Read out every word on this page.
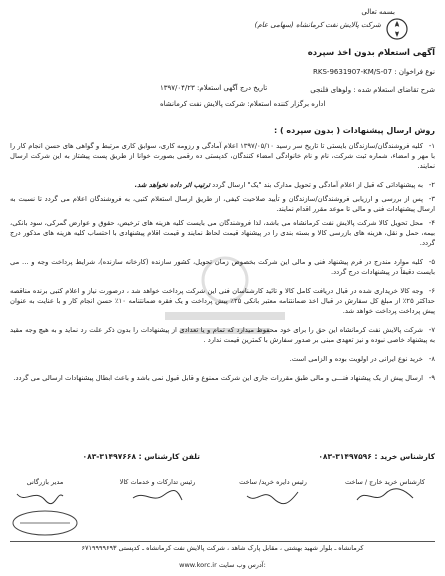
بسمه تعالی
شرکت پالایش نفت کرمانشاه (سهامی عام)
آگهی استعلام بدون اخذ سپرده
نوع فراخوان : RKS-9631907-KM/S-07
تاریخ درج آگهی استعلام: ۱۳۹۷/۰۴/۲۳	شرح تقاضای استعلام شده : ولوهای فلنجی
اداره برگزار کننده استعلام: شرکت پالایش نفت کرمانشاه
روش ارسال پیشنهادات ( بدون سپرده ) :
۱-کلیه فروشندگان/سازندگان بایستی تا تاریخ سر رسید ۱۳۹۷/۰۵/۱۰ اعلام آمادگی و رزومه کاری، سوابق کاری مرتبط و گواهی های حسن انجام کار را با مهر و امضاء، شماره ثبت شرکت، نام و نام خانوادگی امضاء کنندگان، کدپستی ده رقمی بصورت خوانا از طریق پست پیشتاز به این شرکت ارسال نمایند.
۲-به پیشنهاداتی که قبل از اعلام آمادگی و تحویل مدارک بند "یک" ارسال گردد ترتیب اثر داده نخواهد شد.
۳-پس از بررسی و ارزیابی فروشندگان/سازندگان و تأیید صلاحیت کیفی، از طریق ارسال استعلام کتبی، به فروشندگان اعلام می گردد تا نسبت به ارسال پیشنهادات فنی و مالی تا موعد مقرر اقدام نمایند.
۴-محل تحویل کالا شرکت پالایش نفت کرمانشاه می باشد، لذا فروشندگان می بایست کلیه هزینه های ترخیص، حقوق و عوارض گمرکی، سود بانکی، بیمه، حمل و نقل، هزینه های بازرسی کالا و بسته بندی را در پیشنهاد قیمت لحاظ نمایند و قیمت اقلام پیشنهادی با احتساب کلیه هزینه های مذکور درج گردد.
۵-کلیه موارد مندرج در فرم پیشنهاد فنی و مالی این شرکت بخصوص زمان تحویل، کشور سازنده (کارخانه سازنده)، شرایط پرداخت وجه و ... می بایست دقیقاً در پیشنهادات درج گردد.
۶-وجه کالا خریداری شده در قبال دریافت کامل کالا و تائید کارشناسان فنی این شرکت پرداخت خواهد شد ، درصورت نیاز و اعلام کتبی برنده مناقصه حداکثر ۲۵٪ از مبلغ کل سفارش در قبال اخذ ضمانتنامه معتبر بانکی ۲۵٪ پیش پرداخت و یک فقره ضمانتنامه ۱۰٪ حسن انجام کار و با عنایت به عنوان پیش پرداخت پرداخت خواهد شد.
۷-شرکت پالایش نفت کرمانشاه این حق را برای خود محفوظ میدارد که تمام و یا تعدادی از پیشنهادات را بدون ذکر علت رد نماید و به هیچ وجه مقید به پیشنهاد خاصی نبوده و نیز تعهدی مبنی بر صدور سفارش با کمترین قیمت ندارد .
۸-خرید نوع ایرانی در اولویت بوده و الزامی است.
۹-ارسال پیش از یک پیشنهاد فنـــی و مالی طبق مقررات جاری این شرکت ممنوع و قابل قبول نمی باشد و باعث ابطال پیشنهادات ارسالی می گردد.
کارشناس خرید : ۳۱۴۹۷۵۹۶-۰۸۳
تلفن کارشناس : ۳۱۴۹۷۶۶۸-۰۸۳
کارشناس خرید خارج / ساخت
رئیس دایره خرید/ ساخت
رئیس تدارکات و خدمات کالا
مدیر بازرگانی
کرمانشاه ـ بلوار شهید بهشتی ، مقابل پارک شاهد ، شرکت پالایش نفت کرمانشاه ـ کدپستی ۶۷۱۹۹۹۹۶۹۳
www.korc.ir آدرس وب سایت:
